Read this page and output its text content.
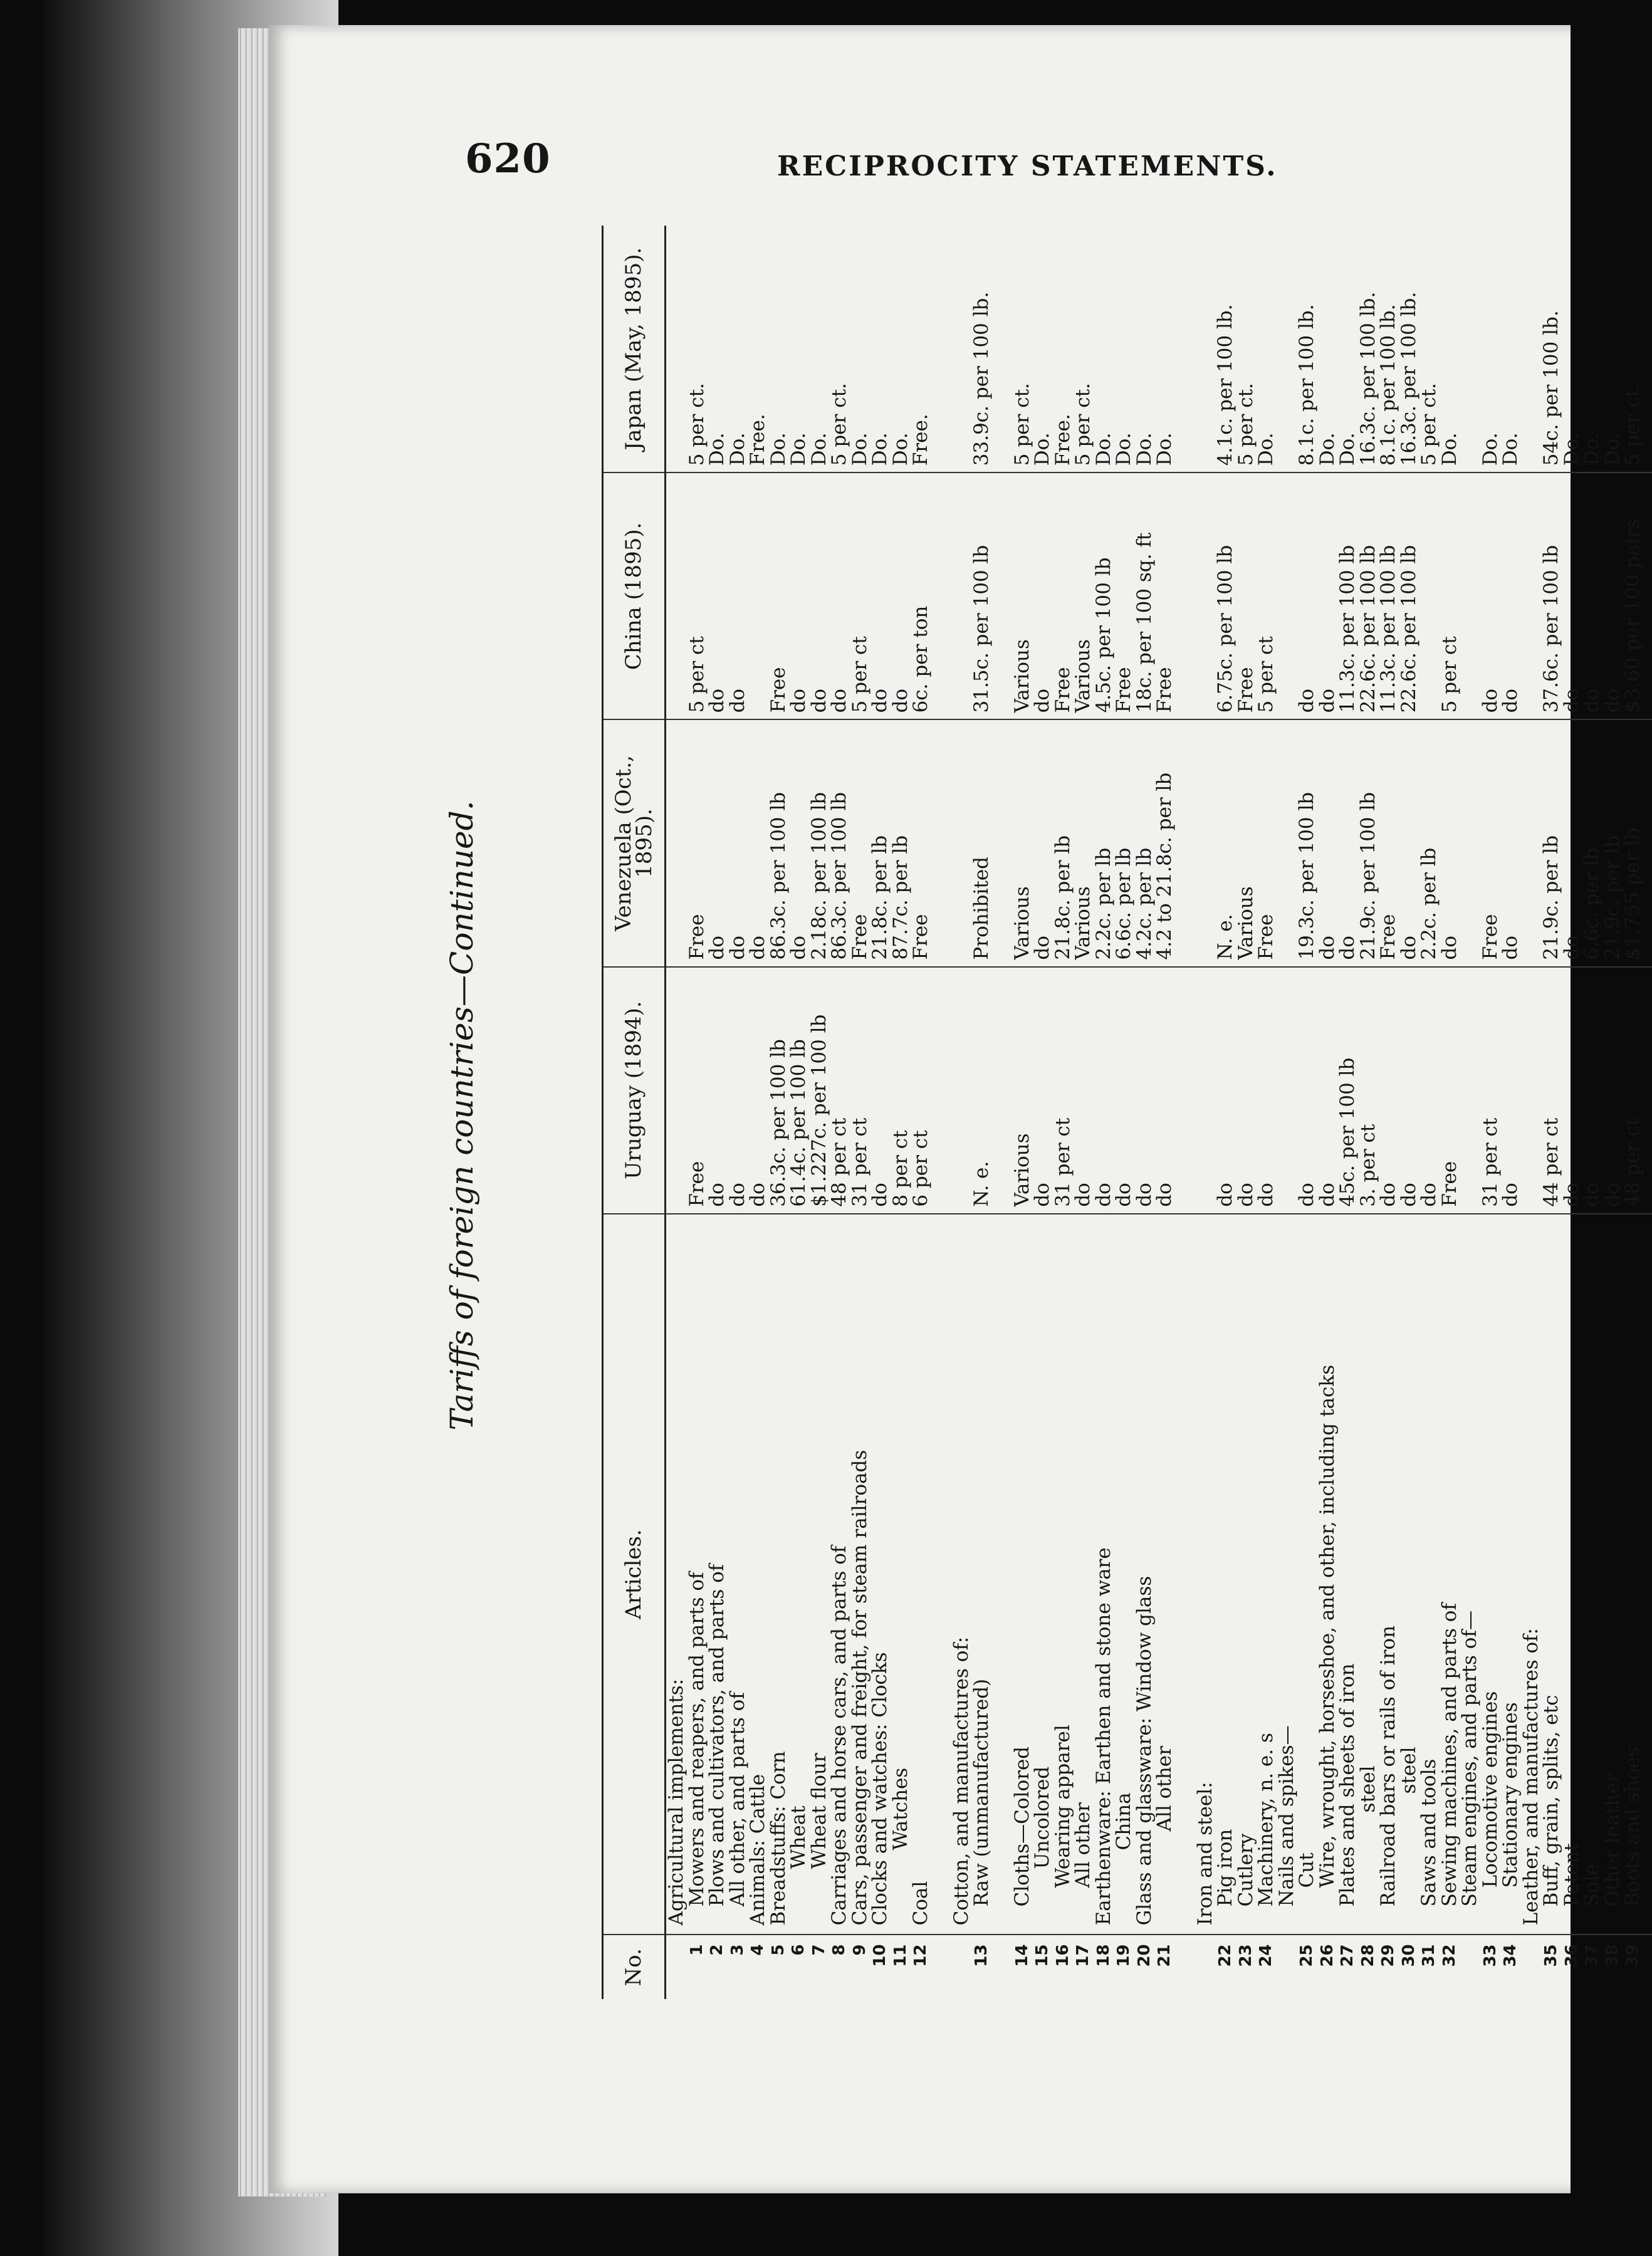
620	RECIPROCITY STATEMENTS.
Tariffs of foreign countries—Continued.
No.	Articles.	Uruguay (1894).	Venezuela (Oct., 1895).	China (1895).	Japan (May, 1895).
	Agricultural implements:				
1	Mowers and reapers, and parts of	Free	Free	5 per ct	5 per ct.
2	Plows and cultivators, and parts of	do	do	do	Do.
3	All other, and parts of	do	do	do	Do.
4	Animals: Cattle	do	do		Free.
5	Breadstuffs: Corn	36.3c. per 100 lb	86.3c. per 100 lb	Free	Do.
6	Wheat	61.4c. per 100 lb	do	do	Do.
7	Wheat flour	$1.227c. per 100 lb	2.18c. per 100 lb	do	Do.
8	Carriages and horse cars, and parts of	48 per ct	86.3c. per 100 lb	do	5 per ct.
9	Cars, passenger and freight, for steam railroads	31 per ct	Free	5 per ct	Do.
10	Clocks and watches: Clocks	do	21.8c. per lb	do	Do.
11	Watches	8 per ct	87.7c. per lb	do	Do.
12	Coal	6 per ct	Free	6c. per ton	Free.

	Cotton, and manufactures of:				
13	Raw (unmanufactured)	N. e.	Prohibited	31.5c. per 100 lb	33.9c. per 100 lb.

14	Cloths—Colored	Various	Various	Various	5 per ct.
15	Uncolored	do	do	do	Do.
16	Wearing apparel	31 per ct	21.8c. per lb	Free	Free.
17	All other	do	Various	Various	5 per ct.
18	Earthenware: Earthen and stone ware	do	2.2c. per lb	4.5c. per 100 lb	Do.
19	China	do	6.6c. per lb	Free	Do.
20	Glass and glassware: Window glass	do	4.2c. per lb	18c. per 100 sq. ft	Do.
21	All other	do	4.2 to 21.8c. per lb	Free	Do.

	Iron and steel:				
22	Pig iron	do	N. e.	6.75c. per 100 lb	4.1c. per 100 lb.
23	Cutlery	do	Various	Free	5 per ct.
24	Machinery, n. e. s	do	Free	5 per ct	Do.
	Nails and spikes—				
25	Cut	do	19.3c. per 100 lb	do	8.1c. per 100 lb.
26	Wire, wrought, horseshoe, and other, including tacks	do	do	do	Do.
27	Plates and sheets of iron	45c. per 100 lb	do	11.3c. per 100 lb	Do.
28	steel	3. per ct	21.9c. per 100 lb	22.6c. per 100 lb	16.3c. per 100 lb.
29	Railroad bars or rails of iron	do	Free	11.3c. per 100 lb	8.1c. per 100 lb.
30	steel	do	do	22.6c. per 100 lb	16.3c. per 100 lb.
31	Saws and tools	do	2.2c. per lb		5 per ct.
32	Sewing machines, and parts of	Free	do	5 per ct	Do.
	Steam engines, and parts of—				
33	Locomotive engines	31 per ct	Free	do	Do.
34	Stationary engines	do	do	do	Do.
	Leather, and manufactures of:				
35	Buff, grain, splits, etc	44 per ct	21.9c. per lb	37.6c. per 100 lb	54c. per 100 lb.
36	Patent	do	do	do	Do.
37	Sole	do	6.6c. per lb	do	Do.
38	Other leather	do	21.9c. per lb	do	Do.
39	Boots and shoes	48 per ct	$1.755 per lb	$3.60 per 100 pairs	5 per ct.
